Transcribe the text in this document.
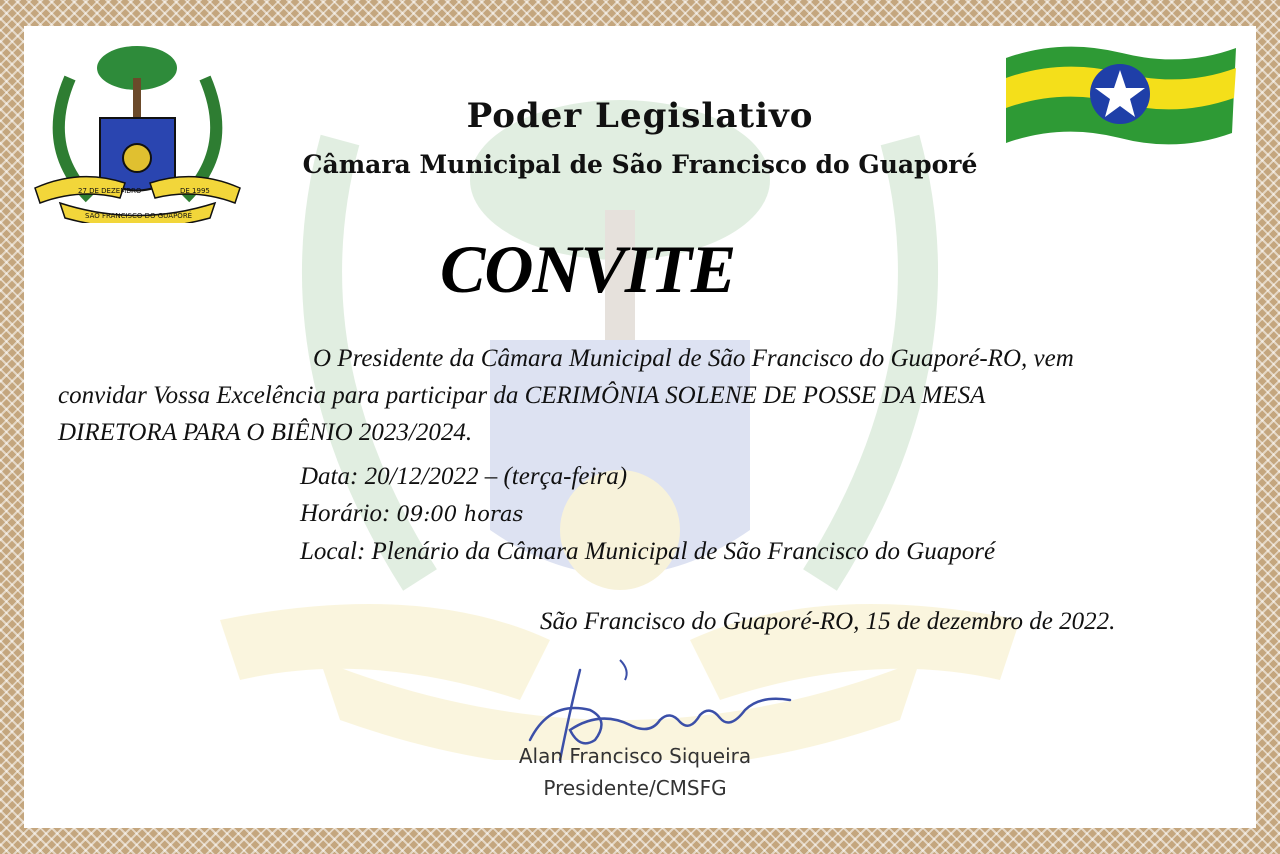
27 DE DEZEMBRO	DE 1995
SÃO FRANCISCO DO GUAPORÉ
Poder Legislativo
Câmara Municipal de São Francisco do Guaporé
CONVITE
O Presidente da Câmara Municipal de São Francisco do Guaporé-RO, vem
convidar Vossa Excelência para participar da CERIMÔNIA SOLENE DE POSSE DA MESA
DIRETORA PARA O BIÊNIO 2023/2024.
Data: 20/12/2022 – (terça-feira)
Horário: 09:00 horas
Local: Plenário da Câmara Municipal de São Francisco do Guaporé
São Francisco do Guaporé-RO, 15 de dezembro de 2022.
Alan Francisco Siqueira
Presidente/CMSFG
